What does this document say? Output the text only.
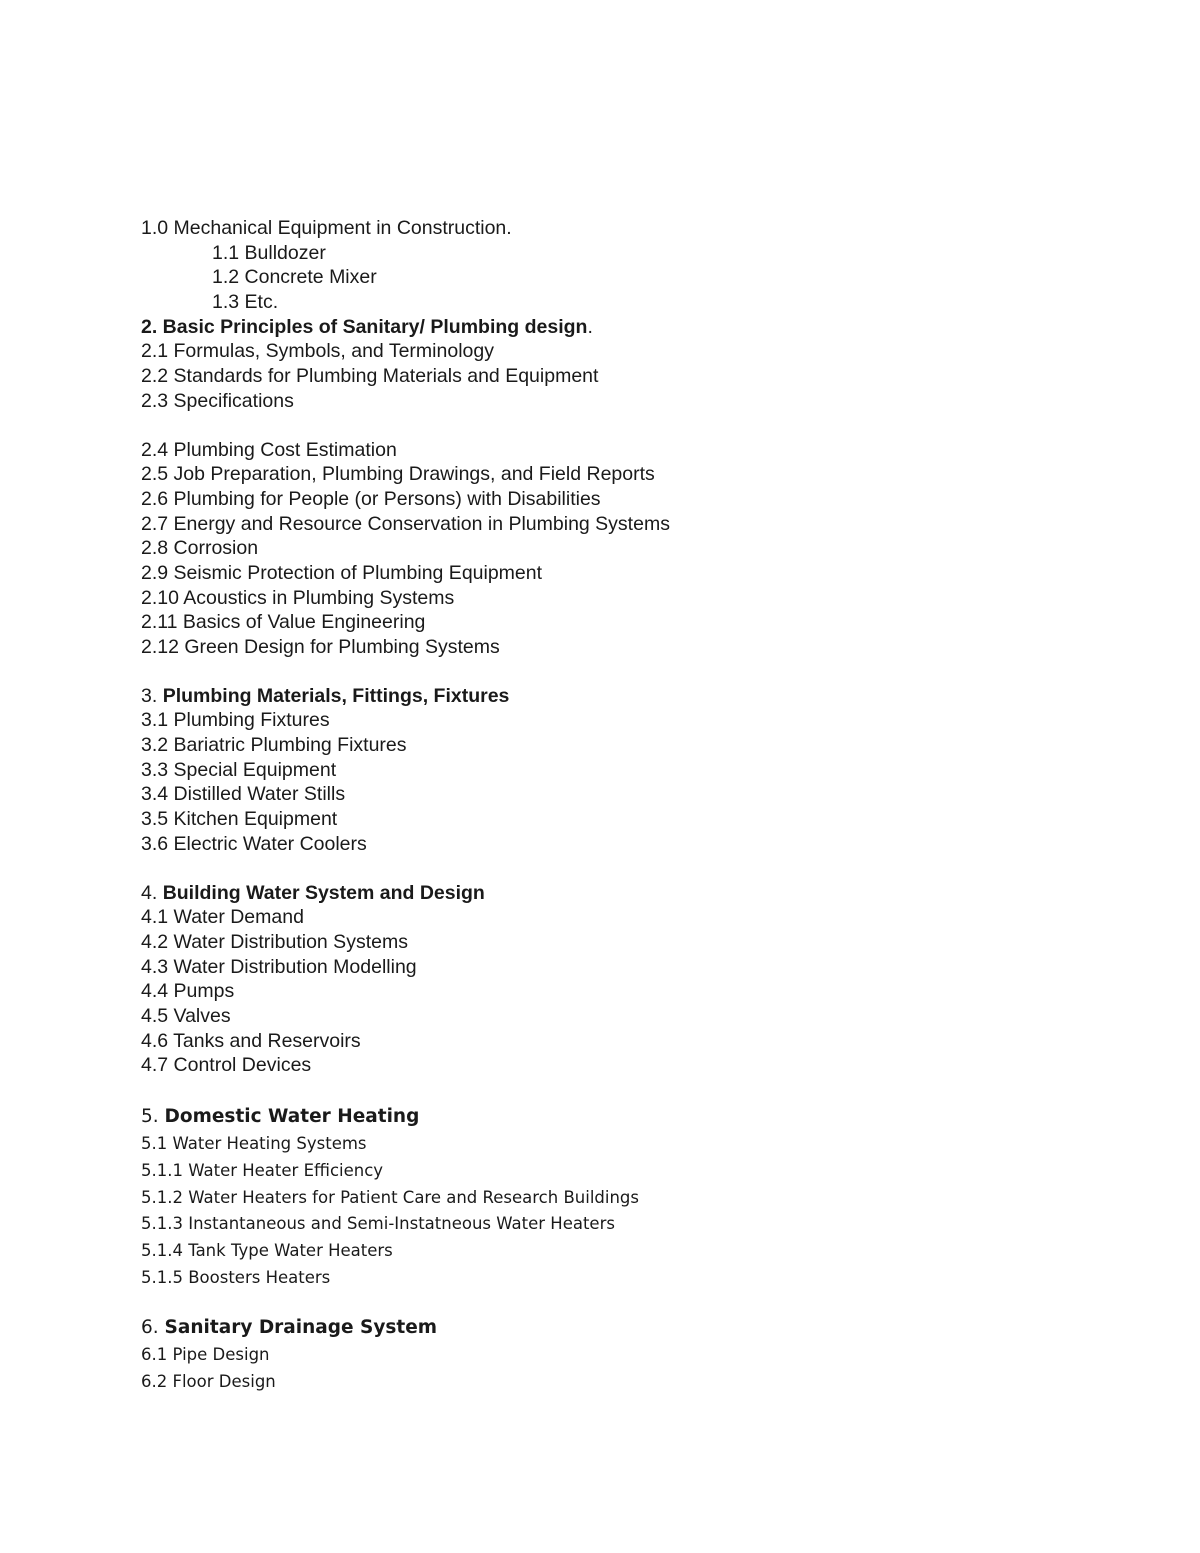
1.0 Mechanical Equipment in Construction.
1.1 Bulldozer
1.2 Concrete Mixer
1.3 Etc.
2. Basic Principles of Sanitary/ Plumbing design.
2.1 Formulas, Symbols, and Terminology
2.2 Standards for Plumbing Materials and Equipment
2.3 Specifications
2.4 Plumbing Cost Estimation
2.5 Job Preparation, Plumbing Drawings, and Field Reports
2.6 Plumbing for People (or Persons) with Disabilities
2.7 Energy and Resource Conservation in Plumbing Systems
2.8 Corrosion
2.9 Seismic Protection of Plumbing Equipment
2.10 Acoustics in Plumbing Systems
2.11 Basics of Value Engineering
2.12 Green Design for Plumbing Systems
3. Plumbing Materials, Fittings, Fixtures
3.1 Plumbing Fixtures
3.2 Bariatric Plumbing Fixtures
3.3 Special Equipment
3.4 Distilled Water Stills
3.5 Kitchen Equipment
3.6 Electric Water Coolers
4. Building Water System and Design
4.1 Water Demand
4.2 Water Distribution Systems
4.3 Water Distribution Modelling
4.4 Pumps
4.5 Valves
4.6 Tanks and Reservoirs
4.7 Control Devices
5. Domestic Water Heating
5.1 Water Heating Systems
5.1.1 Water Heater Efficiency
5.1.2 Water Heaters for Patient Care and Research Buildings
5.1.3 Instantaneous and Semi-Instatneous Water Heaters
5.1.4 Tank Type Water Heaters
5.1.5 Boosters Heaters
6. Sanitary Drainage System
6.1 Pipe Design
6.2 Floor Design
